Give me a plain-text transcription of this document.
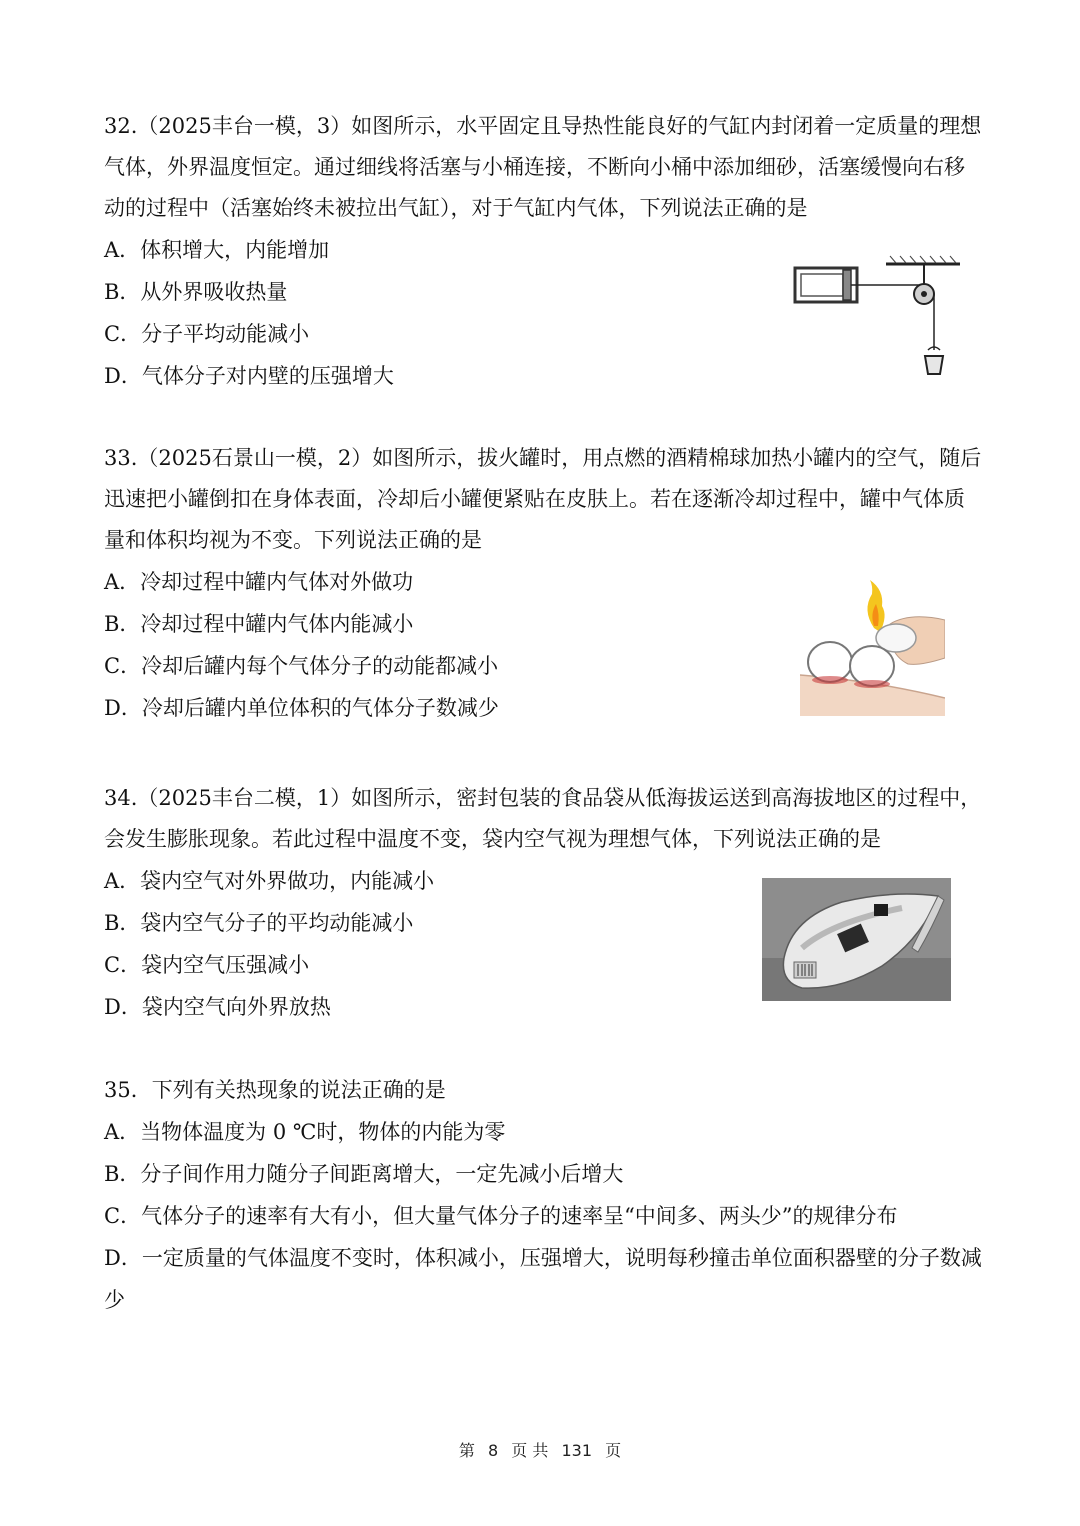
32.（2025丰台一模，3）如图所示，水平固定且导热性能良好的气缸内封闭着一定质量的理想气体，外界温度恒定。通过细线将活塞与小桶连接，不断向小桶中添加细砂，活塞缓慢向右移动的过程中（活塞始终未被拉出气缸），对于气缸内气体，下列说法正确的是

A．体积增大，内能增加

B．从外界吸收热量

C．分子平均动能减小

D．气体分子对内壁的压强增大

33.（2025石景山一模，2）如图所示，拔火罐时，用点燃的酒精棉球加热小罐内的空气，随后迅速把小罐倒扣在身体表面，冷却后小罐便紧贴在皮肤上。若在逐渐冷却过程中，罐中气体质量和体积均视为不变。下列说法正确的是

A．冷却过程中罐内气体对外做功

B．冷却过程中罐内气体内能减小

C．冷却后罐内每个气体分子的动能都减小

D．冷却后罐内单位体积的气体分子数减少

34.（2025丰台二模，1）如图所示，密封包装的食品袋从低海拔运送到高海拔地区的过程中，会发生膨胀现象。若此过程中温度不变，袋内空气视为理想气体，下列说法正确的是

A．袋内空气对外界做功，内能减小

B．袋内空气分子的平均动能减小

C．袋内空气压强减小

D．袋内空气向外界放热

35．下列有关热现象的说法正确的是

A．当物体温度为 0 ℃时，物体的内能为零

B．分子间作用力随分子间距离增大，一定先减小后增大

C．气体分子的速率有大有小，但大量气体分子的速率呈“中间多、两头少”的规律分布

D．一定质量的气体温度不变时，体积减小，压强增大，说明每秒撞击单位面积器壁的分子数减少

第 8 页 共 131 页
